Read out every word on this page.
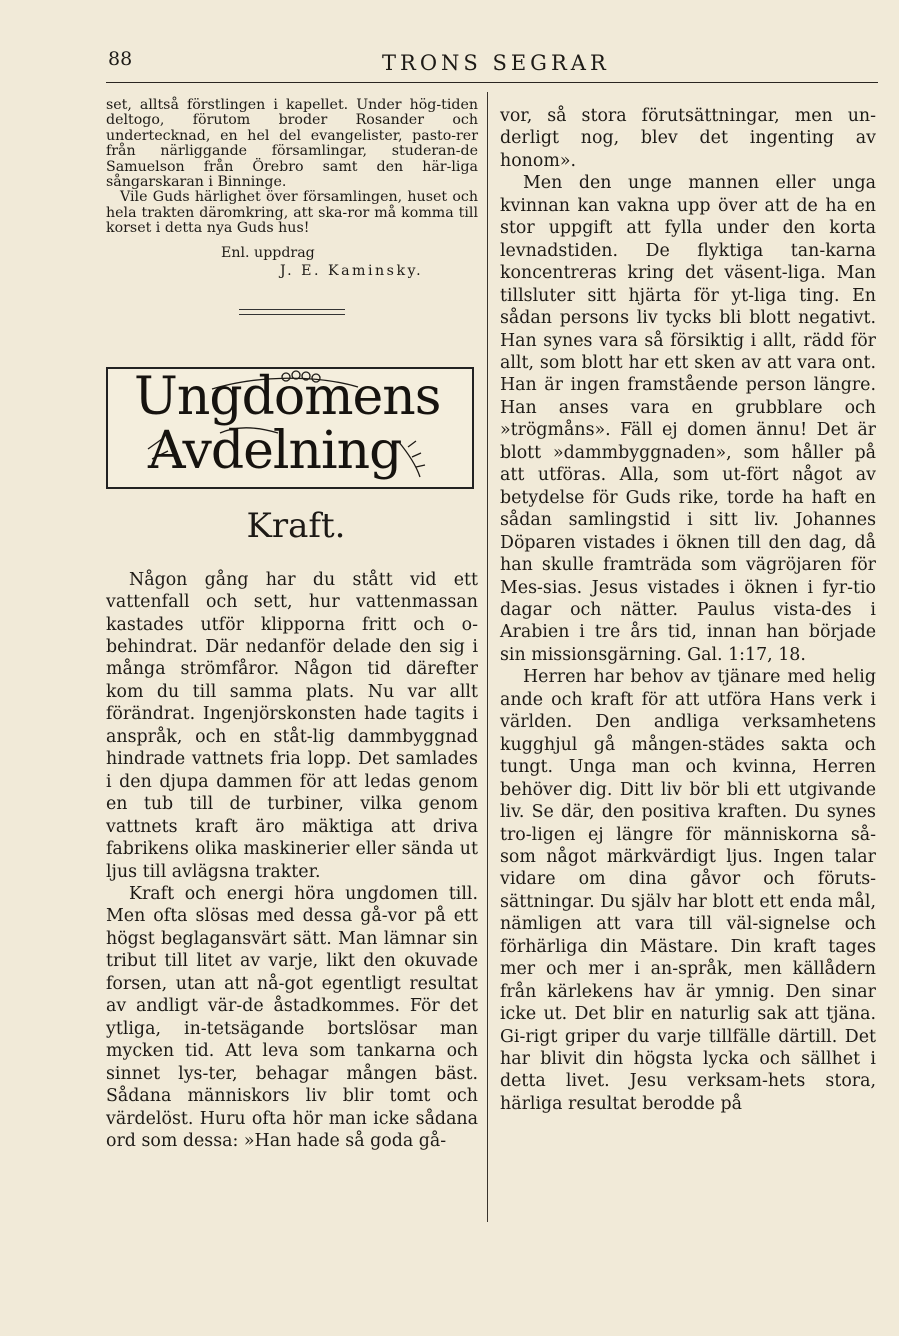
88	TRONS SEGRAR

set, alltså förstlingen i kapellet. Under hög-tiden deltogo, förutom broder Rosander och undertecknad, en hel del evangelister, pasto-rer från närliggande församlingar, studeran-de Samuelson från Örebro samt den här-liga sångarskaran i Binninge.

Vile Guds härlighet över församlingen, huset och hela trakten däromkring, att ska-ror må komma till korset i detta nya Guds hus!

Enl. uppdrag
J. E. Kaminsky.
Ungdomens
Avdelning
Kraft.

Någon gång har du stått vid ett vattenfall och sett, hur vattenmassan kastades utför klipporna fritt och o-behindrat. Där nedanför delade den sig i många strömfåror. Någon tid därefter kom du till samma plats. Nu var allt förändrat. Ingenjörskonsten hade tagits i anspråk, och en ståt-lig dammbyggnad hindrade vattnets fria lopp. Det samlades i den djupa dammen för att ledas genom en tub till de turbiner, vilka genom vattnets kraft äro mäktiga att driva fabrikens olika maskinerier eller sända ut ljus till avlägsna trakter.

Kraft och energi höra ungdomen till. Men ofta slösas med dessa gå-vor på ett högst beglagansvärt sätt. Man lämnar sin tribut till litet av varje, likt den okuvade forsen, utan att nå-got egentligt resultat av andligt vär-de åstadkommes. För det ytliga, in-tetsägande bortslösar man mycken tid. Att leva som tankarna och sinnet lys-ter, behagar mången bäst. Sådana människors liv blir tomt och värdelöst. Huru ofta hör man icke sådana ord som dessa: »Han hade så goda gå-

vor, så stora förutsättningar, men un-derligt nog, blev det ingenting av honom».

Men den unge mannen eller unga kvinnan kan vakna upp över att de ha en stor uppgift att fylla under den korta levnadstiden. De flyktiga tan-karna koncentreras kring det väsent-liga. Man tillsluter sitt hjärta för yt-liga ting. En sådan persons liv tycks bli blott negativt. Han synes vara så försiktig i allt, rädd för allt, som blott har ett sken av att vara ont. Han är ingen framstående person längre. Han anses vara en grubblare och »trögmåns». Fäll ej domen ännu! Det är blott »dammbyggnaden», som håller på att utföras. Alla, som ut-fört något av betydelse för Guds rike, torde ha haft en sådan samlingstid i sitt liv. Johannes Döparen vistades i öknen till den dag, då han skulle framträda som vägröjaren för Mes-sias. Jesus vistades i öknen i fyr-tio dagar och nätter. Paulus vista-des i Arabien i tre års tid, innan han började sin missionsgärning. Gal. 1:17, 18.

Herren har behov av tjänare med helig ande och kraft för att utföra Hans verk i världen. Den andliga verksamhetens kugghjul gå mången-städes sakta och tungt. Unga man och kvinna, Herren behöver dig. Ditt liv bör bli ett utgivande liv. Se där, den positiva kraften. Du synes tro-ligen ej längre för människorna så-som något märkvärdigt ljus. Ingen talar vidare om dina gåvor och föruts-sättningar. Du själv har blott ett enda mål, nämligen att vara till väl-signelse och förhärliga din Mästare. Din kraft tages mer och mer i an-språk, men källådern från kärlekens hav är ymnig. Den sinar icke ut. Det blir en naturlig sak att tjäna. Gi-rigt griper du varje tillfälle därtill. Det har blivit din högsta lycka och sällhet i detta livet. Jesu verksam-hets stora, härliga resultat berodde på
